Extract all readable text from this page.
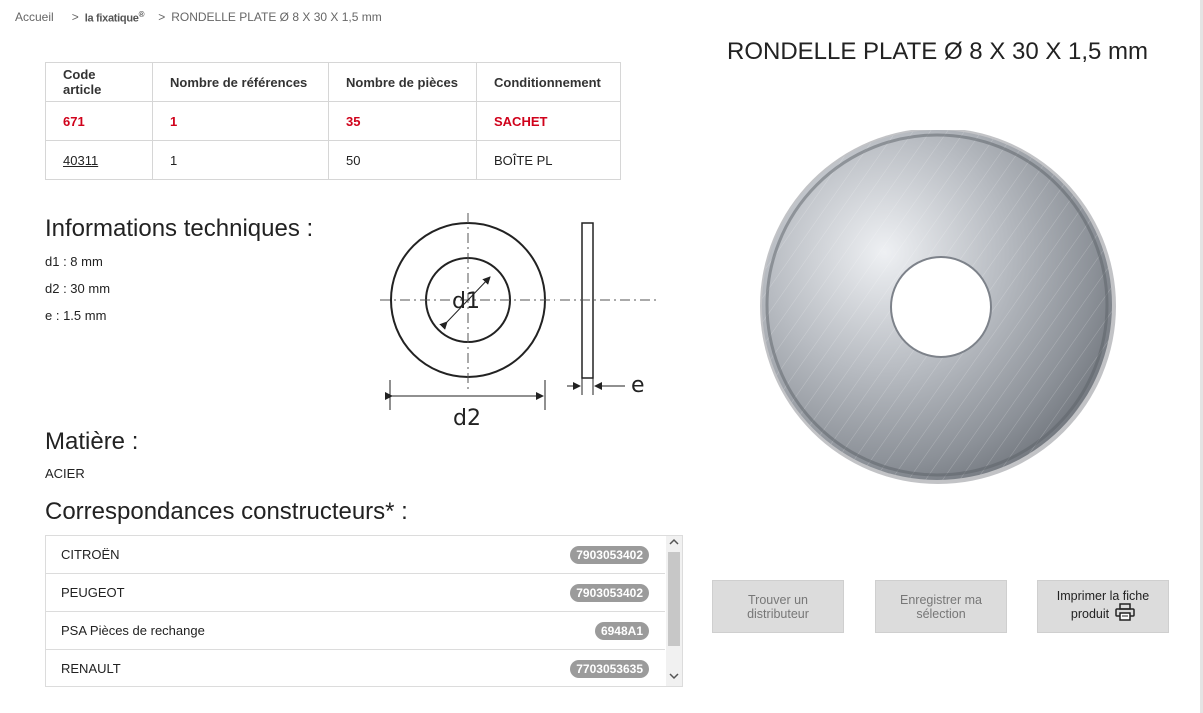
Accueil > la fixatique® > RONDELLE PLATE Ø 8 X 30 X 1,5 mm
Code article	Nombre de références	Nombre de pièces	Conditionnement
671	1	35	SACHET
40311	1	50	BOÎTE PL
Informations techniques :
d1 : 8 mm
d2 : 30 mm
e : 1.5 mm
d1
d2
e
RONDELLE PLATE Ø 8 X 30 X 1,5 mm
Matière :
ACIER
Correspondances constructeurs* :
CITROËN	7903053402
PEUGEOT	7903053402
PSA Pièces de rechange	6948A1
RENAULT	7703053635
Trouver un
distributeur
Enregistrer ma
sélection
Imprimer la fiche
produit
